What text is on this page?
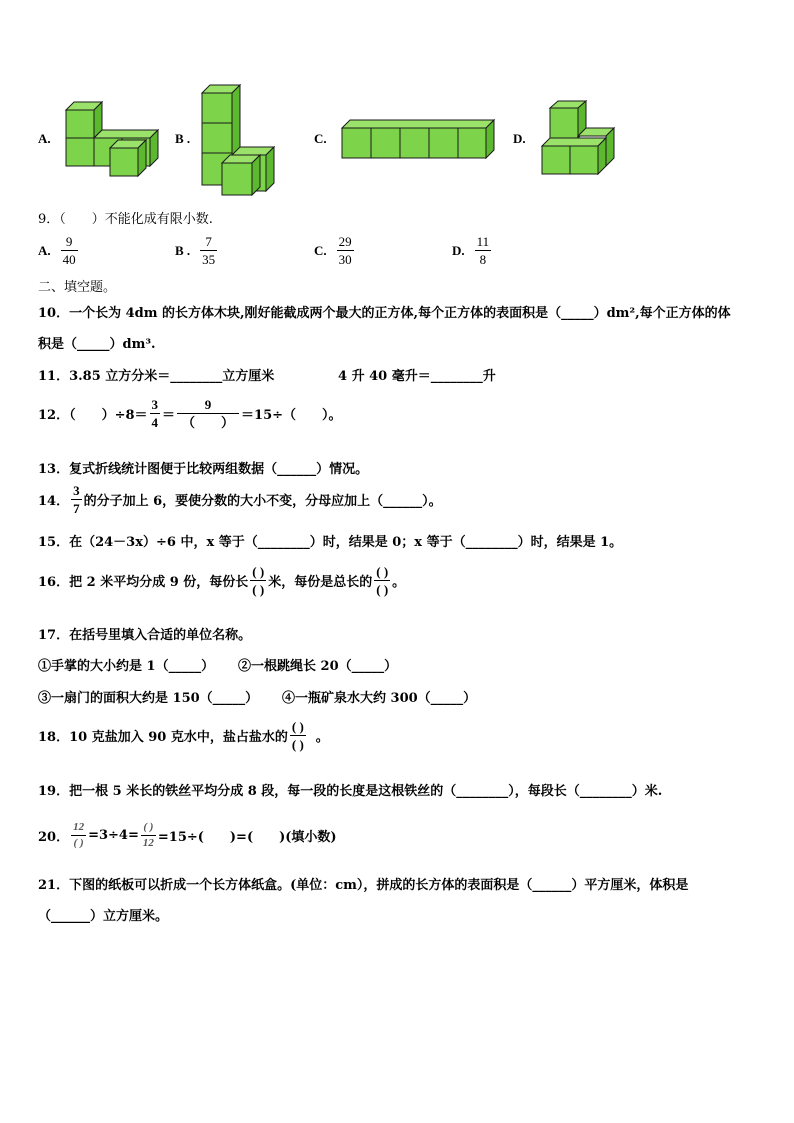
A.	B .	C.	D.
9．（　　）不能化成有限小数.
A. $\frac{9}{40}$	B . $\frac{7}{35}$	C. $\frac{29}{30}$	D. $\frac{11}{8}$
二、填空题。
10．一个长为 4dm 的长方体木块,刚好能截成两个最大的正方体,每个正方体的表面积是（_____）dm²,每个正方体的体
积是（_____）dm³.
11．3.85 立方分米＝________立方厘米	4 升 40 毫升＝________升
12．（　　）$\div 8= \frac{3}{4} = \frac{9}{( )} =15\div$（　　）。
13．复式折线统计图便于比较两组数据（______）情况。
14． $\frac{3}{7}$ 的分子加上 6，要使分数的大小不变，分母应加上（______）。
15．在（24－3x）÷6 中，x 等于（________）时，结果是 0；x 等于（________）时，结果是 1。
16．把 2 米平均分成 9 份，每份长 $\frac{( )}{( )}$ 米，每份是总长的 $\frac{( )}{( )}$ 。
17．在括号里填入合适的单位名称。
①手掌的大小约是 1（_____） ②一根跳绳长 20（_____）
③一扇门的面积大约是 150（_____） ④一瓶矿泉水大约 300（_____）
18．10 克盐加入 90 克水中，盐占盐水的 $\frac{( )}{( )}$ 。
19．把一根 5 米长的铁丝平均分成 8 段，每一段的长度是这根铁丝的（________），每段长（________）米.
20． $\frac{12}{( )} =3\div 4= \frac{( )}{12} =15\div$(　　)=(　　)(填小数)
21．下图的纸板可以折成一个长方体纸盒。(单位：cm），拼成的长方体的表面积是（______）平方厘米，体积是
（______）立方厘米。
